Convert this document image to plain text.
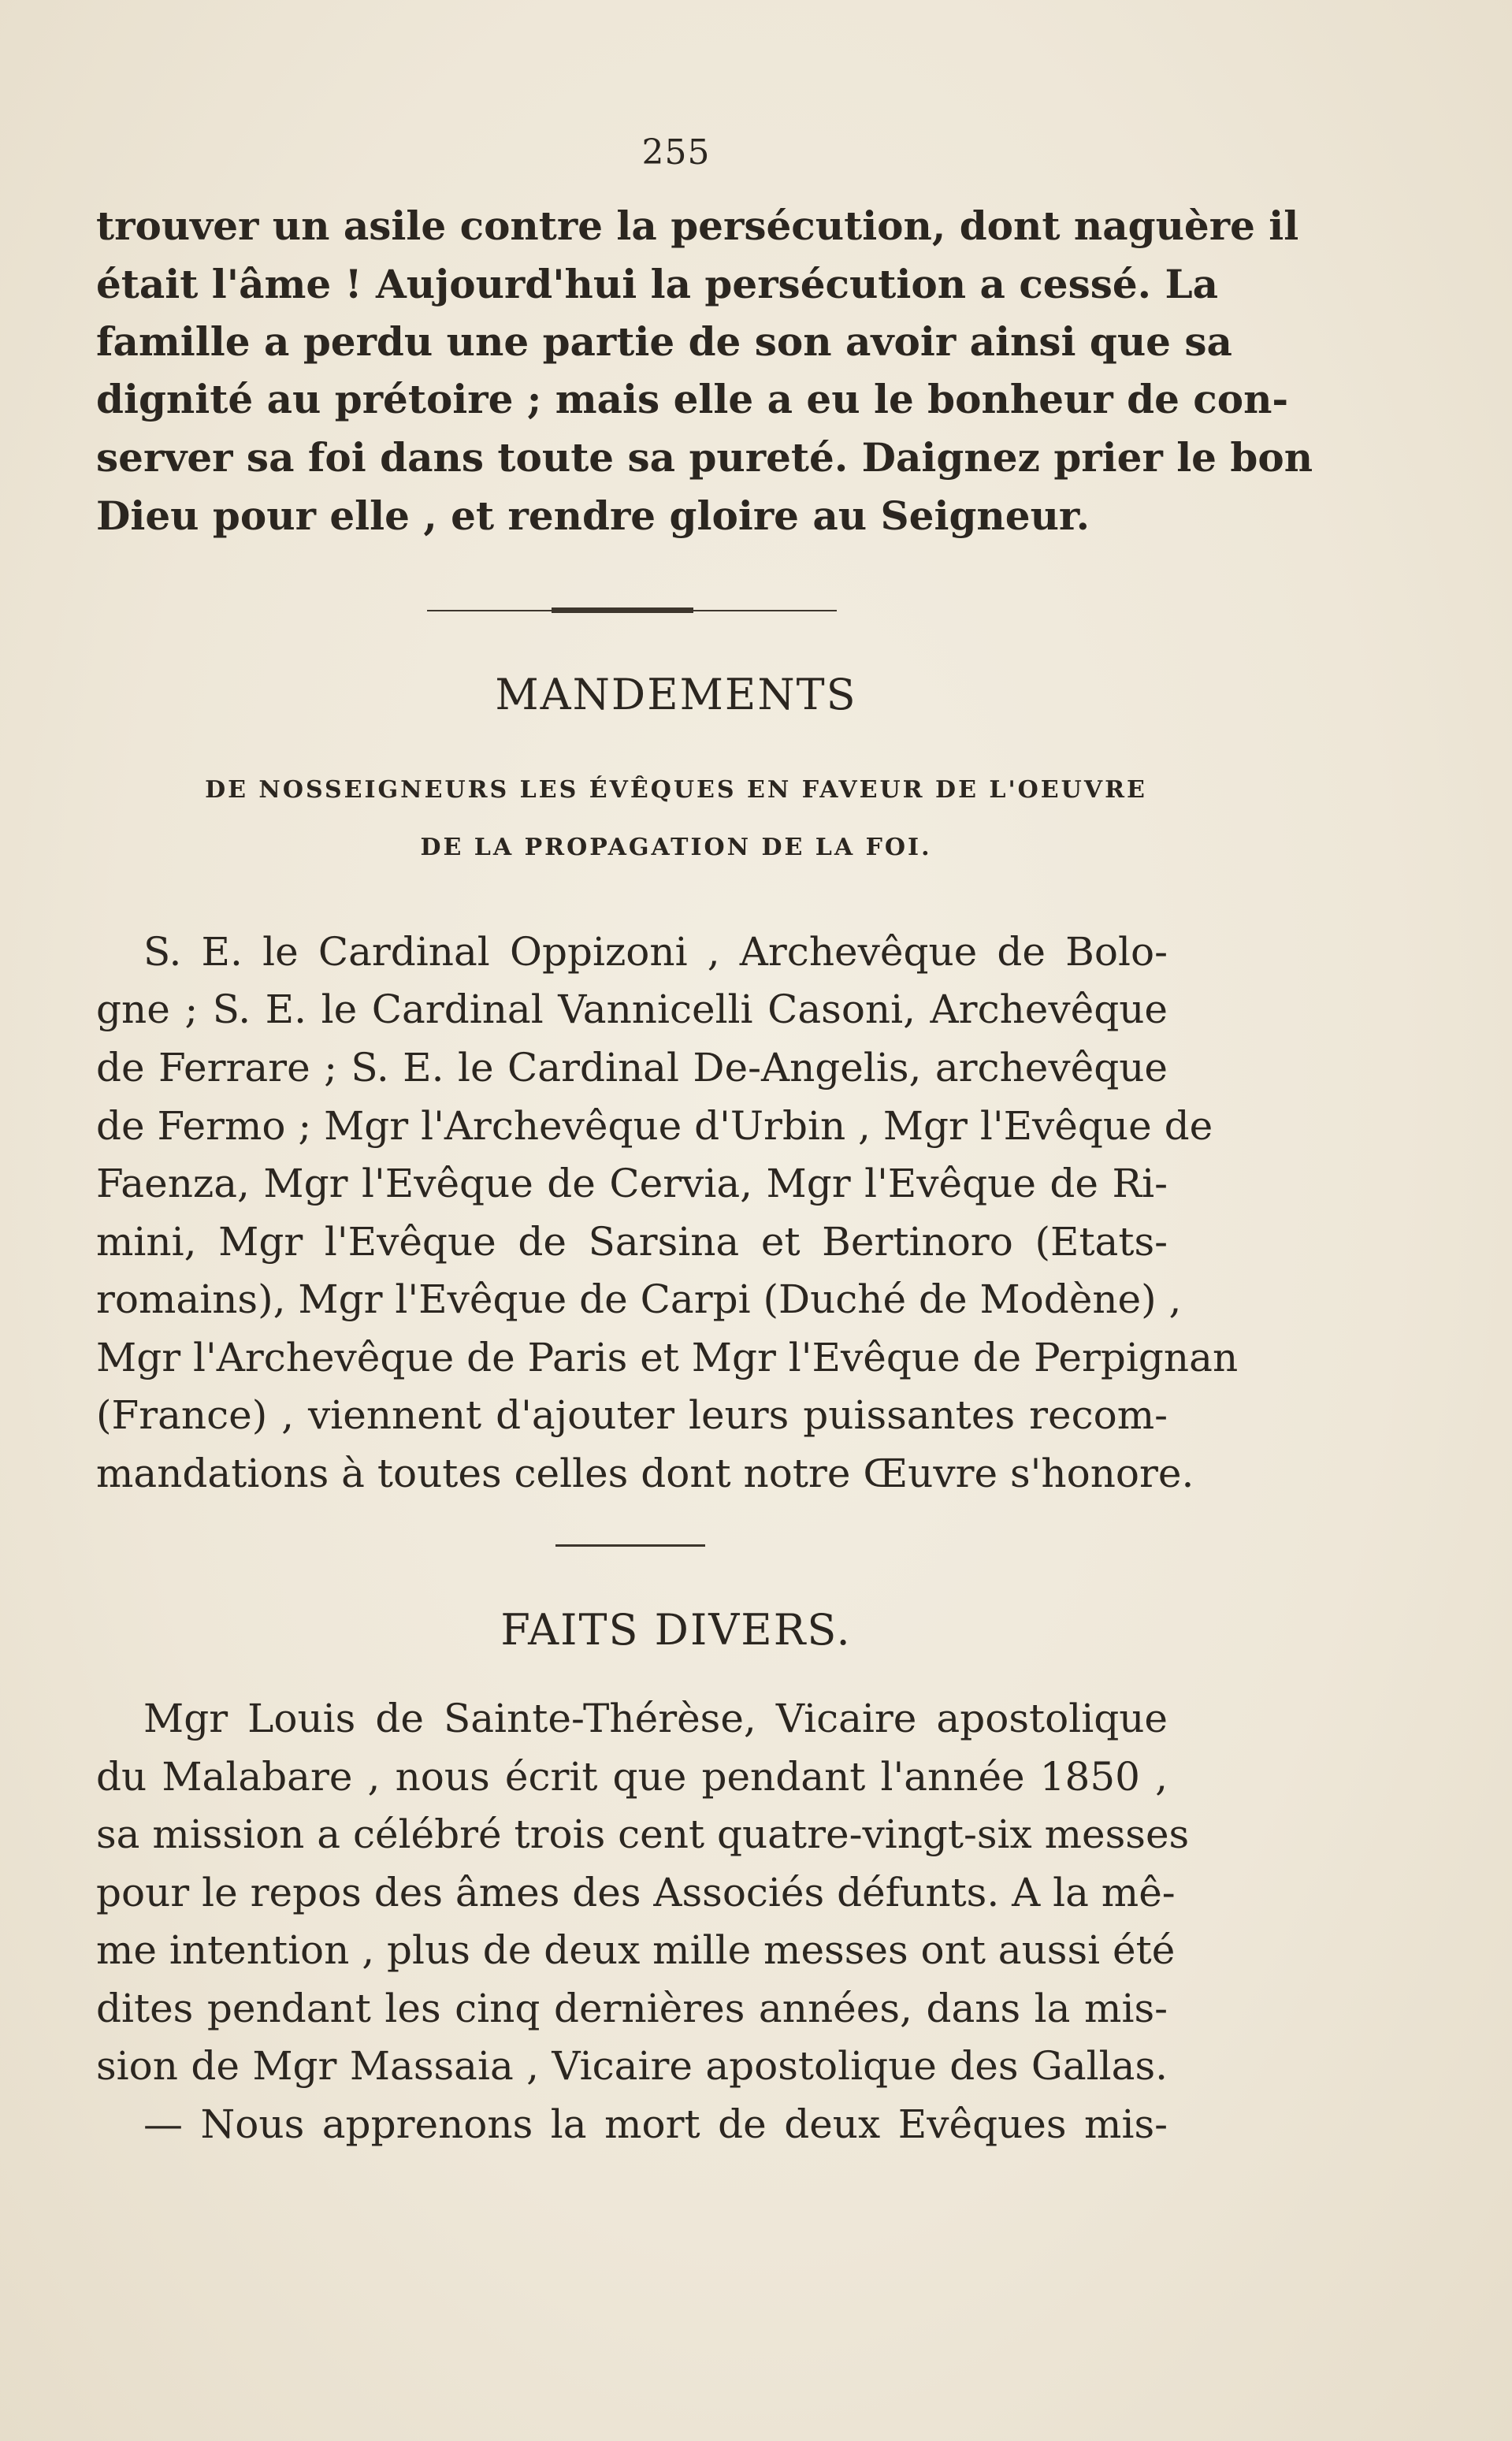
255
trouver un asile contre la persécution, dont naguère il
était l'âme ! Aujourd'hui la persécution a cessé. La
famille a perdu une partie de son avoir ainsi que sa
dignité au prétoire ; mais elle a eu le bonheur de con-
server sa foi dans toute sa pureté. Daignez prier le bon
Dieu pour elle , et rendre gloire au Seigneur.
MANDEMENTS
DE NOSSEIGNEURS LES ÉVÊQUES EN FAVEUR DE L'OEUVRE
DE LA PROPAGATION DE LA FOI.
S. E. le Cardinal Oppizoni , Archevêque de Bolo-
gne ; S. E. le Cardinal Vannicelli Casoni, Archevêque
de Ferrare ; S. E. le Cardinal De-Angelis, archevêque
de Fermo ; Mgr l'Archevêque d'Urbin , Mgr l'Evêque de
Faenza, Mgr l'Evêque de Cervia, Mgr l'Evêque de Ri-
mini, Mgr l'Evêque de Sarsina et Bertinoro (Etats-
romains), Mgr l'Evêque de Carpi (Duché de Modène) ,
Mgr l'Archevêque de Paris et Mgr l'Evêque de Perpignan
(France) , viennent d'ajouter leurs puissantes recom-
mandations à toutes celles dont notre Œuvre s'honore.
FAITS DIVERS.
Mgr Louis de Sainte-Thérèse, Vicaire apostolique
du Malabare , nous écrit que pendant l'année 1850 ,
sa mission a célébré trois cent quatre-vingt-six messes
pour le repos des âmes des Associés défunts. A la mê-
me intention , plus de deux mille messes ont aussi été
dites pendant les cinq dernières années, dans la mis-
sion de Mgr Massaia , Vicaire apostolique des Gallas.
— Nous apprenons la mort de deux Evêques mis-
